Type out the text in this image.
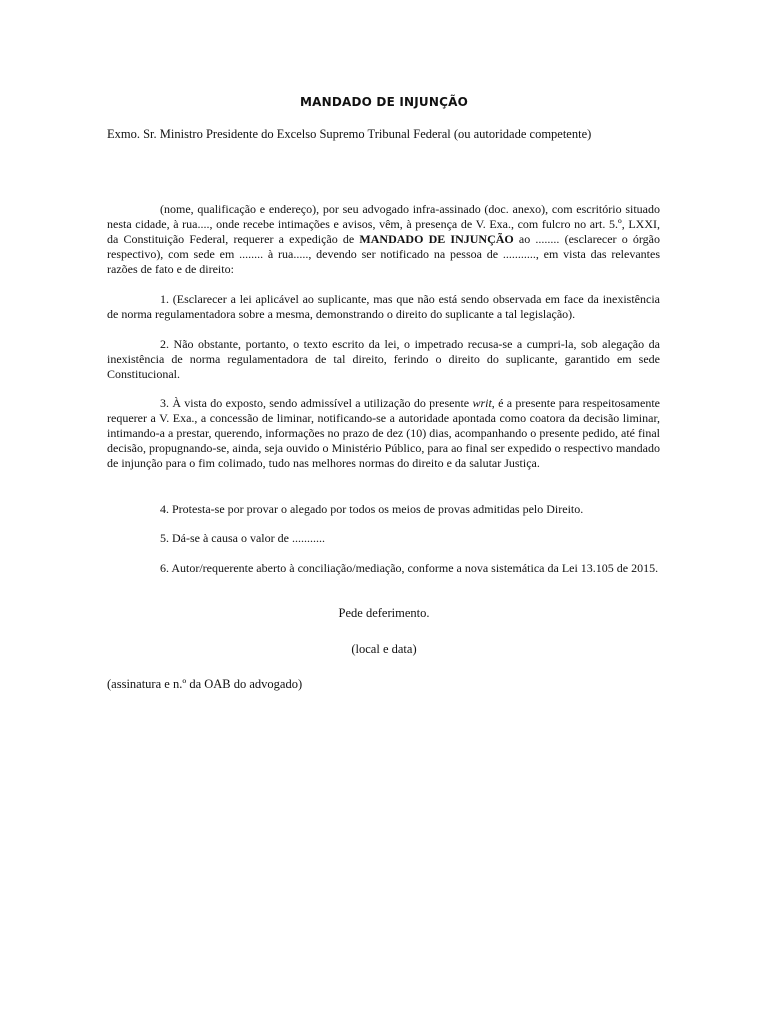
MANDADO DE INJUNÇÃO
Exmo. Sr. Ministro Presidente do Excelso Supremo Tribunal Federal (ou autoridade competente)

(nome, qualificação e endereço), por seu advogado infra-assinado (doc. anexo), com escritório situado nesta cidade, à rua...., onde recebe intimações e avisos, vêm, à presença de V. Exa., com fulcro no art. 5.º, LXXI, da Constituição Federal, requerer a expedição de MANDADO DE INJUNÇÃO ao ........ (esclarecer o órgão respectivo), com sede em ........ à rua....., devendo ser notificado na pessoa de ..........., em vista das relevantes razões de fato e de direito:

1. (Esclarecer a lei aplicável ao suplicante, mas que não está sendo observada em face da inexistência de norma regulamentadora sobre a mesma, demonstrando o direito do suplicante a tal legislação).

2. Não obstante, portanto, o texto escrito da lei, o impetrado recusa-se a cumpri-la, sob alegação da inexistência de norma regulamentadora de tal direito, ferindo o direito do suplicante, garantido em sede Constitucional.

3. À vista do exposto, sendo admissível a utilização do presente writ, é a presente para respeitosamente requerer a V. Exa., a concessão de liminar, notificando-se a autoridade apontada como coatora da decisão liminar, intimando-a a prestar, querendo, informações no prazo de dez (10) dias, acompanhando o presente pedido, até final decisão, propugnando-se, ainda, seja ouvido o Ministério Público, para ao final ser expedido o respectivo mandado de injunção para o fim colimado, tudo nas melhores normas do direito e da salutar Justiça.

4. Protesta-se por provar o alegado por todos os meios de provas admitidas pelo Direito.

5. Dá-se à causa o valor de ...........

6. Autor/requerente aberto à conciliação/mediação, conforme a nova sistemática da Lei 13.105 de 2015.

Pede deferimento.
(local e data)
(assinatura e n.º da OAB do advogado)
